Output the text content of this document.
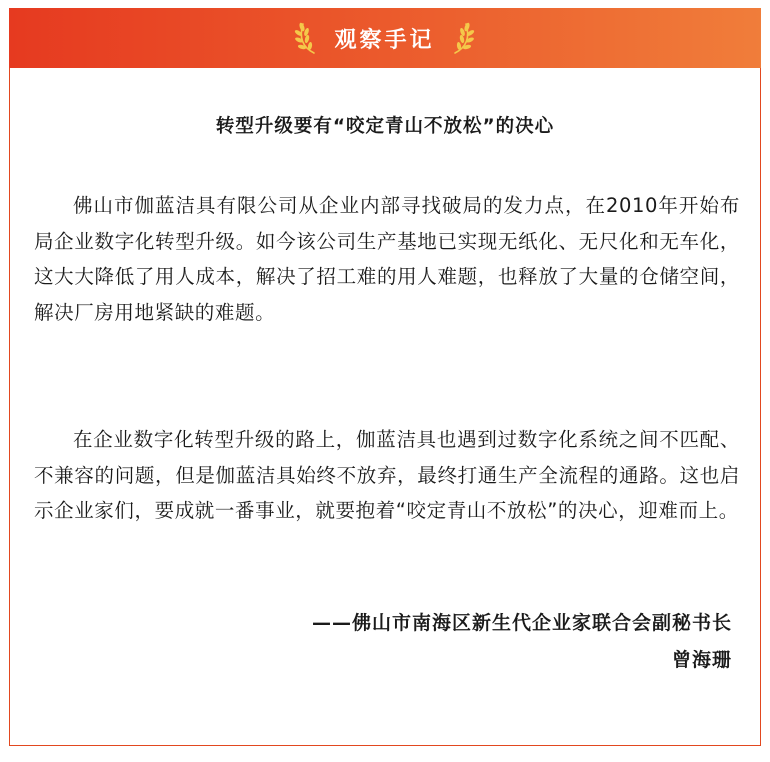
观察手记
转型升级要有“咬定青山不放松”的决心

佛山市伽蓝洁具有限公司从企业内部寻找破局的发力点，在2010年开始布局企业数字化转型升级。如今该公司生产基地已实现无纸化、无尺化和无车化，这大大降低了用人成本，解决了招工难的用人难题，也释放了大量的仓储空间，解决厂房用地紧缺的难题。

在企业数字化转型升级的路上，伽蓝洁具也遇到过数字化系统之间不匹配、不兼容的问题，但是伽蓝洁具始终不放弃，最终打通生产全流程的通路。这也启示企业家们，要成就一番事业，就要抱着“咬定青山不放松”的决心，迎难而上。

——佛山市南海区新生代企业家联合会副秘书长
曾海珊
